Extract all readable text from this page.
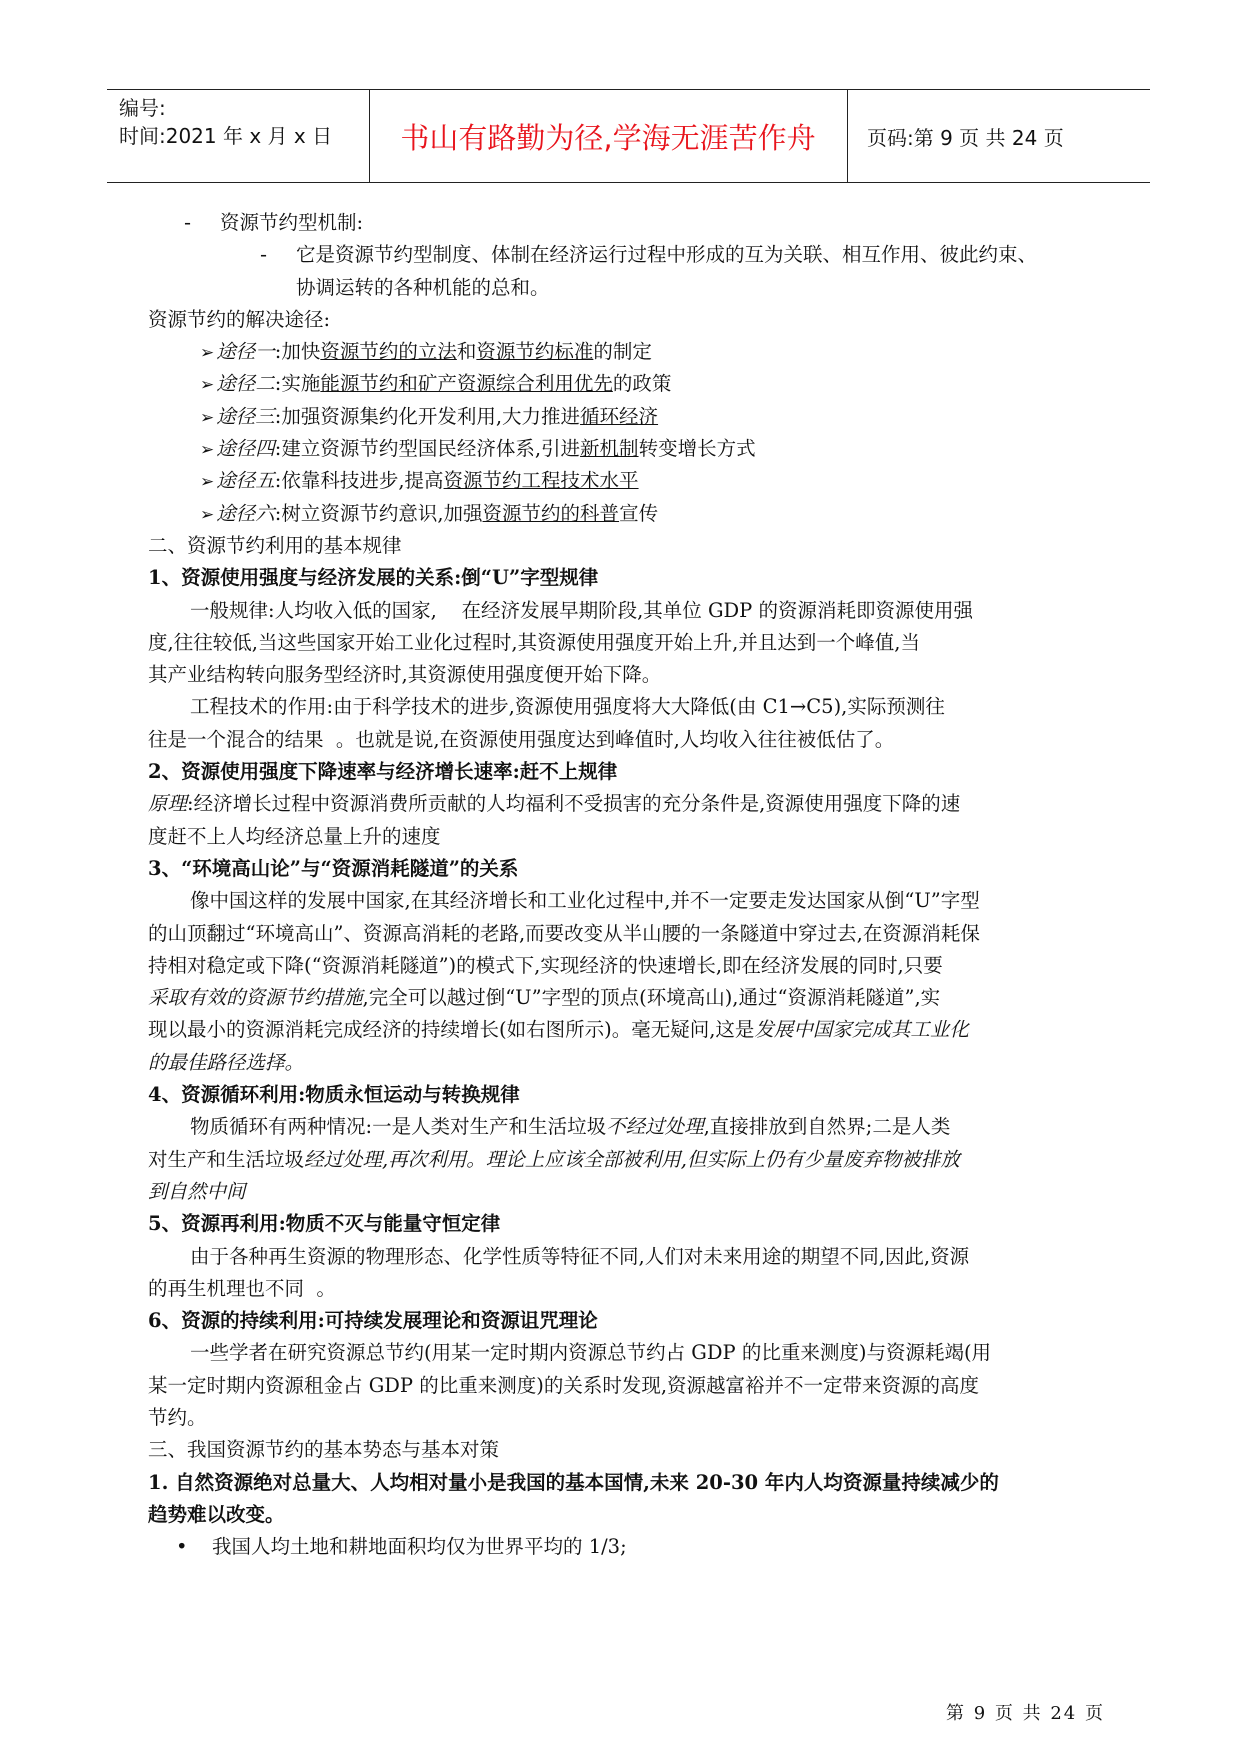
编号:
时间:2021 年 x 月 x 日	书山有路勤为径,学海无涯苦作舟	页码:第 9 页 共 24 页
- 资源节约型机制:
- 它是资源节约型制度、体制在经济运行过程中形成的互为关联、相互作用、彼此约束、
协调运转的各种机能的总和。
资源节约的解决途径:
➢ 途径一:加快资源节约的立法和资源节约标准的制定
➢ 途径二:实施能源节约和矿产资源综合利用优先的政策
➢ 途径三:加强资源集约化开发利用,大力推进循环经济
➢ 途径四:建立资源节约型国民经济体系,引进新机制转变增长方式
➢ 途径五:依靠科技进步,提高资源节约工程技术水平
➢ 途径六:树立资源节约意识,加强资源节约的科普宣传
二、资源节约利用的基本规律
1、资源使用强度与经济发展的关系:倒“U”字型规律
一般规律:人均收入低的国家,    在经济发展早期阶段,其单位 GDP 的资源消耗即资源使用强
度,往往较低,当这些国家开始工业化过程时,其资源使用强度开始上升,并且达到一个峰值,当
其产业结构转向服务型经济时,其资源使用强度便开始下降。
工程技术的作用:由于科学技术的进步,资源使用强度将大大降低(由 C1→C5),实际预测往
往是一个混合的结果  。也就是说,在资源使用强度达到峰值时,人均收入往往被低估了。
2、资源使用强度下降速率与经济增长速率:赶不上规律
原理:经济增长过程中资源消费所贡献的人均福利不受损害的充分条件是,资源使用强度下降的速
度赶不上人均经济总量上升的速度
3、“环境高山论”与“资源消耗隧道”的关系
像中国这样的发展中国家,在其经济增长和工业化过程中,并不一定要走发达国家从倒“U”字型
的山顶翻过“环境高山”、资源高消耗的老路,而要改变从半山腰的一条隧道中穿过去,在资源消耗保
持相对稳定或下降(“资源消耗隧道”)的模式下,实现经济的快速增长,即在经济发展的同时,只要
采取有效的资源节约措施,完全可以越过倒“U”字型的顶点(环境高山),通过“资源消耗隧道”,实
现以最小的资源消耗完成经济的持续增长(如右图所示)。毫无疑问,这是发展中国家完成其工业化
的最佳路径选择。
4、资源循环利用:物质永恒运动与转换规律
物质循环有两种情况:一是人类对生产和生活垃圾不经过处理,直接排放到自然界;二是人类
对生产和生活垃圾经过处理,再次利用。理论上应该全部被利用,但实际上仍有少量废弃物被排放
到自然中间
5、资源再利用:物质不灭与能量守恒定律
由于各种再生资源的物理形态、化学性质等特征不同,人们对未来用途的期望不同,因此,资源
的再生机理也不同  。
6、资源的持续利用:可持续发展理论和资源诅咒理论
一些学者在研究资源总节约(用某一定时期内资源总节约占 GDP 的比重来测度)与资源耗竭(用
某一定时期内资源租金占 GDP 的比重来测度)的关系时发现,资源越富裕并不一定带来资源的高度
节约。
三、我国资源节约的基本势态与基本对策
1. 自然资源绝对总量大、人均相对量小是我国的基本国情,未来 20-30 年内人均资源量持续减少的
趋势难以改变。
• 我国人均土地和耕地面积均仅为世界平均的 1/3;
第 9 页 共 24 页
